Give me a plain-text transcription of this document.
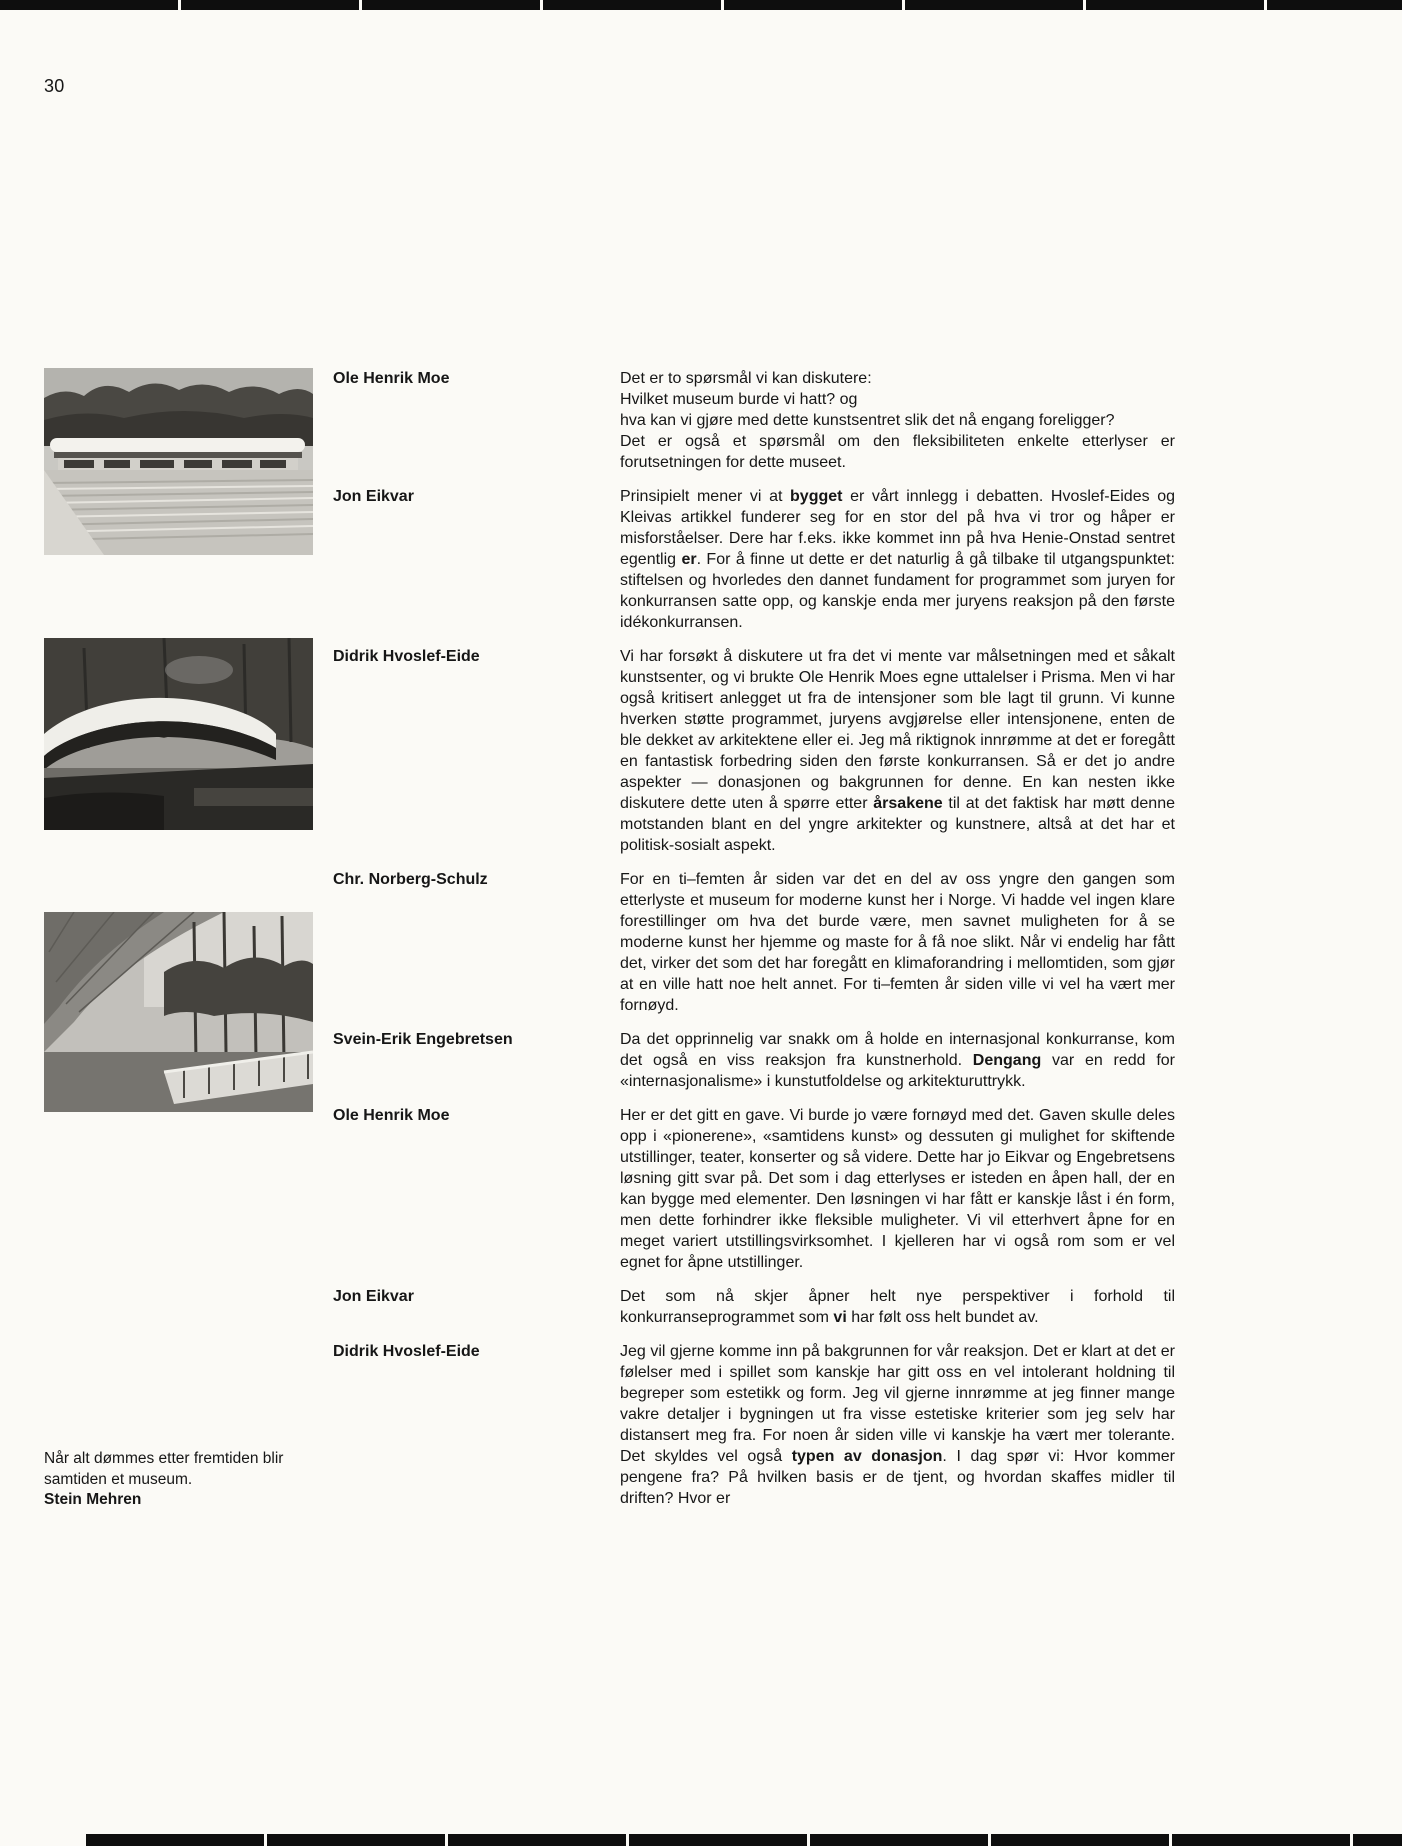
30
Ole Henrik Moe	Det er to spørsmål vi kan diskutere:
Hvilket museum burde vi hatt? og
hva kan vi gjøre med dette kunstsentret slik det nå engang foreligger?
Det er også et spørsmål om den fleksibiliteten enkelte etterlyser er forutsetningen for dette museet.
Jon Eikvar	Prinsipielt mener vi at bygget er vårt innlegg i debatten. Hvoslef-Eides og Kleivas artikkel funderer seg for en stor del på hva vi tror og håper er misforståelser. Dere har f.eks. ikke kommet inn på hva Henie-Onstad sentret egentlig er. For å finne ut dette er det naturlig å gå tilbake til utgangspunktet: stiftelsen og hvorledes den dannet fundament for programmet som juryen for konkurransen satte opp, og kanskje enda mer juryens reaksjon på den første idékonkurransen.
Didrik Hvoslef-Eide	Vi har forsøkt å diskutere ut fra det vi mente var målsetningen med et såkalt kunstsenter, og vi brukte Ole Henrik Moes egne uttalelser i Prisma. Men vi har også kritisert anlegget ut fra de intensjoner som ble lagt til grunn. Vi kunne hverken støtte programmet, juryens avgjørelse eller intensjonene, enten de ble dekket av arkitektene eller ei. Jeg må riktignok innrømme at det er foregått en fantastisk forbedring siden den første konkurransen. Så er det jo andre aspekter — donasjonen og bakgrunnen for denne. En kan nesten ikke diskutere dette uten å spørre etter årsakene til at det faktisk har møtt denne motstanden blant en del yngre arkitekter og kunstnere, altså at det har et politisk-sosialt aspekt.
Chr. Norberg-Schulz	For en ti–femten år siden var det en del av oss yngre den gangen som etterlyste et museum for moderne kunst her i Norge. Vi hadde vel ingen klare forestillinger om hva det burde være, men savnet muligheten for å se moderne kunst her hjemme og maste for å få noe slikt. Når vi endelig har fått det, virker det som det har foregått en klimaforandring i mellomtiden, som gjør at en ville hatt noe helt annet. For ti–femten år siden ville vi vel ha vært mer fornøyd.
Svein-Erik Engebretsen	Da det opprinnelig var snakk om å holde en internasjonal konkurranse, kom det også en viss reaksjon fra kunstnerhold. Dengang var en redd for «internasjonalisme» i kunstutfoldelse og arkitekturuttrykk.
Ole Henrik Moe	Her er det gitt en gave. Vi burde jo være fornøyd med det. Gaven skulle deles opp i «pionerene», «samtidens kunst» og dessuten gi mulighet for skiftende utstillinger, teater, konserter og så videre. Dette har jo Eikvar og Engebretsens løsning gitt svar på. Det som i dag etterlyses er isteden en åpen hall, der en kan bygge med elementer. Den løsningen vi har fått er kanskje låst i én form, men dette forhindrer ikke fleksible muligheter. Vi vil etterhvert åpne for en meget variert utstillingsvirksomhet. I kjelleren har vi også rom som er vel egnet for åpne utstillinger.
Jon Eikvar	Det som nå skjer åpner helt nye perspektiver i forhold til konkurranseprogrammet som vi har følt oss helt bundet av.
Didrik Hvoslef-Eide	Jeg vil gjerne komme inn på bakgrunnen for vår reaksjon. Det er klart at det er følelser med i spillet som kanskje har gitt oss en vel intolerant holdning til begreper som estetikk og form. Jeg vil gjerne innrømme at jeg finner mange vakre detaljer i bygningen ut fra visse estetiske kriterier som jeg selv har distansert meg fra. For noen år siden ville vi kanskje ha vært mer tolerante. Det skyldes vel også typen av donasjon. I dag spør vi: Hvor kommer pengene fra? På hvilken basis er de tjent, og hvordan skaffes midler til driften? Hvor er
Når alt dømmes etter fremtiden blir samtiden et museum.
Stein Mehren
